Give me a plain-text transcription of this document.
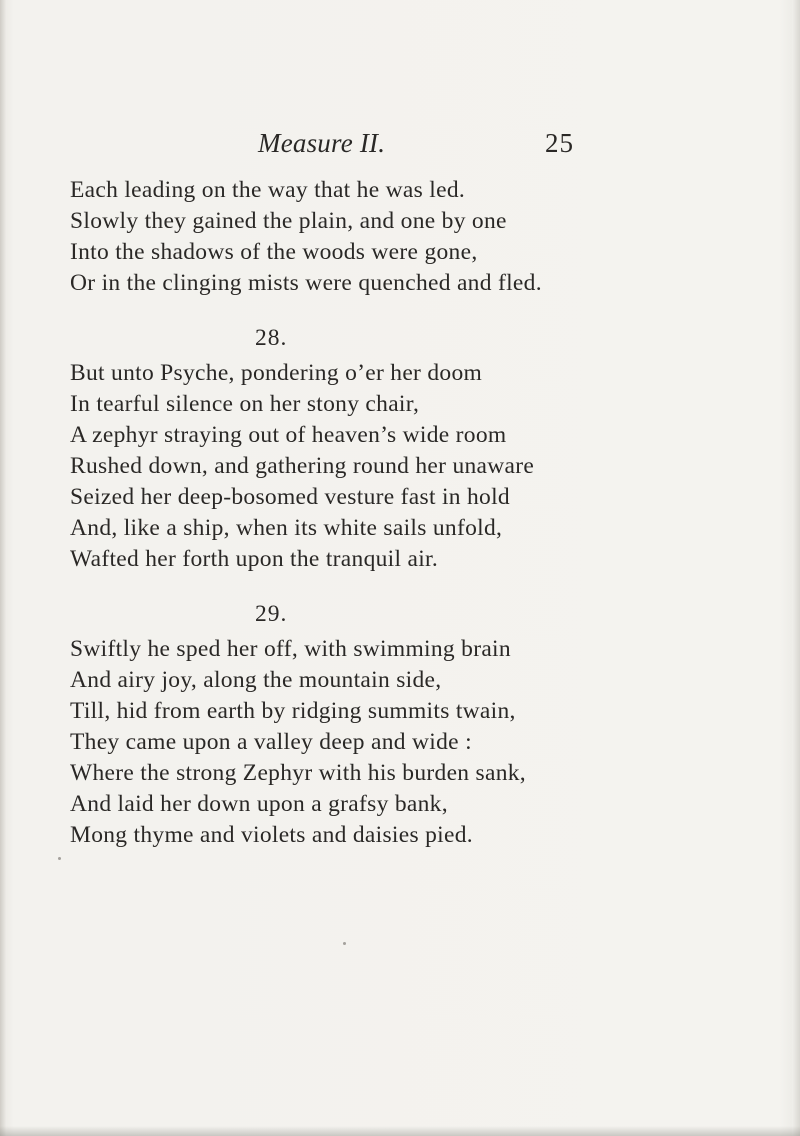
Measure II.	25
Each leading on the way that he was led.
Slowly they gained the plain, and one by one
Into the shadows of the woods were gone,
Or in the clinging mists were quenched and fled.
28.
But unto Psyche, pondering o’er her doom
In tearful silence on her stony chair,
A zephyr straying out of heaven’s wide room
Rushed down, and gathering round her unaware
Seized her deep-bosomed vesture fast in hold
And, like a ship, when its white sails unfold,
Wafted her forth upon the tranquil air.
29.
Swiftly he sped her off, with swimming brain
And airy joy, along the mountain side,
Till, hid from earth by ridging summits twain,
They came upon a valley deep and wide :
Where the strong Zephyr with his burden sank,
And laid her down upon a grafsy bank,
Mong thyme and violets and daisies pied.
